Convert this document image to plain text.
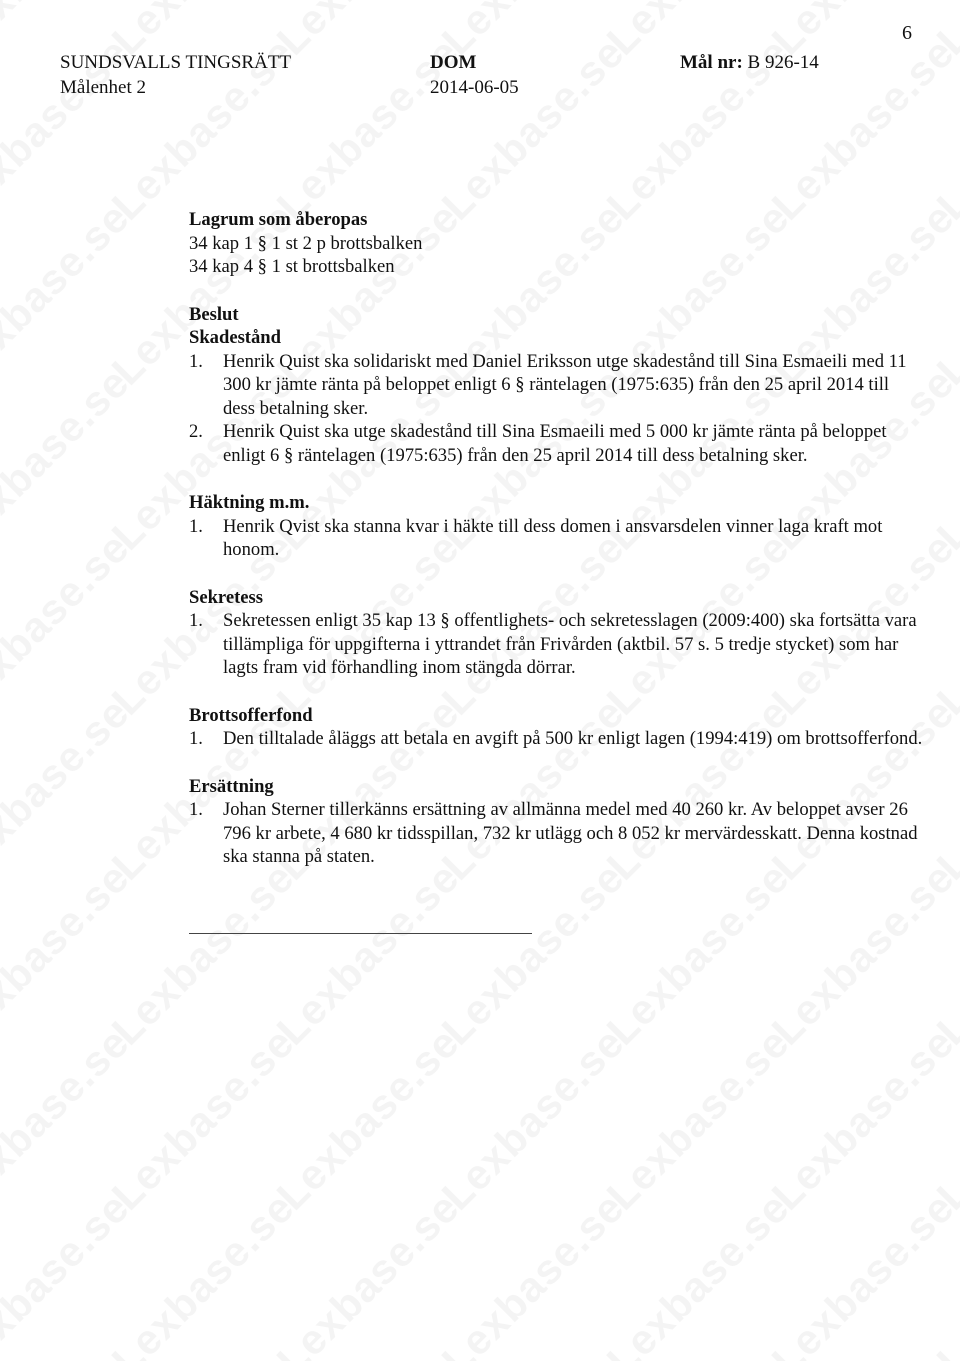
6
SUNDSVALLS TINGSRÄTT
Målenhet 2
DOM
2014-06-05
Mål nr: B 926-14

Lagrum som åberopas

34 kap 1 § 1 st 2 p brottsbalken

34 kap 4 § 1 st brottsbalken

Beslut

Skadestånd

1.	Henrik Quist ska solidariskt med Daniel Eriksson utge skadestånd till Sina Esmaeili med 11 300 kr jämte ränta på beloppet enligt 6 § räntelagen (1975:635) från den 25 april 2014 till dess betalning sker.
2.	Henrik Quist ska utge skadestånd till Sina Esmaeili med 5 000 kr jämte ränta på beloppet enligt 6 § räntelagen (1975:635) från den 25 april 2014 till dess betalning sker.

Häktning m.m.

1.	Henrik Qvist ska stanna kvar i häkte till dess domen i ansvarsdelen vinner laga kraft mot honom.

Sekretess

1.	Sekretessen enligt 35 kap 13 § offentlighets- och sekretesslagen (2009:400) ska fortsätta vara tillämpliga för uppgifterna i yttrandet från Frivården (aktbil. 57 s. 5 tredje stycket) som har lagts fram vid förhandling inom stängda dörrar.

Brottsofferfond

1.	Den tilltalade åläggs att betala en avgift på 500 kr enligt lagen (1994:419) om brottsofferfond.

Ersättning

1.	Johan Sterner tillerkänns ersättning av allmänna medel med 40 260 kr. Av beloppet avser 26 796 kr arbete, 4 680 kr tidsspillan, 732 kr utlägg och 8 052 kr mervärdesskatt. Denna kostnad ska stanna på staten.
